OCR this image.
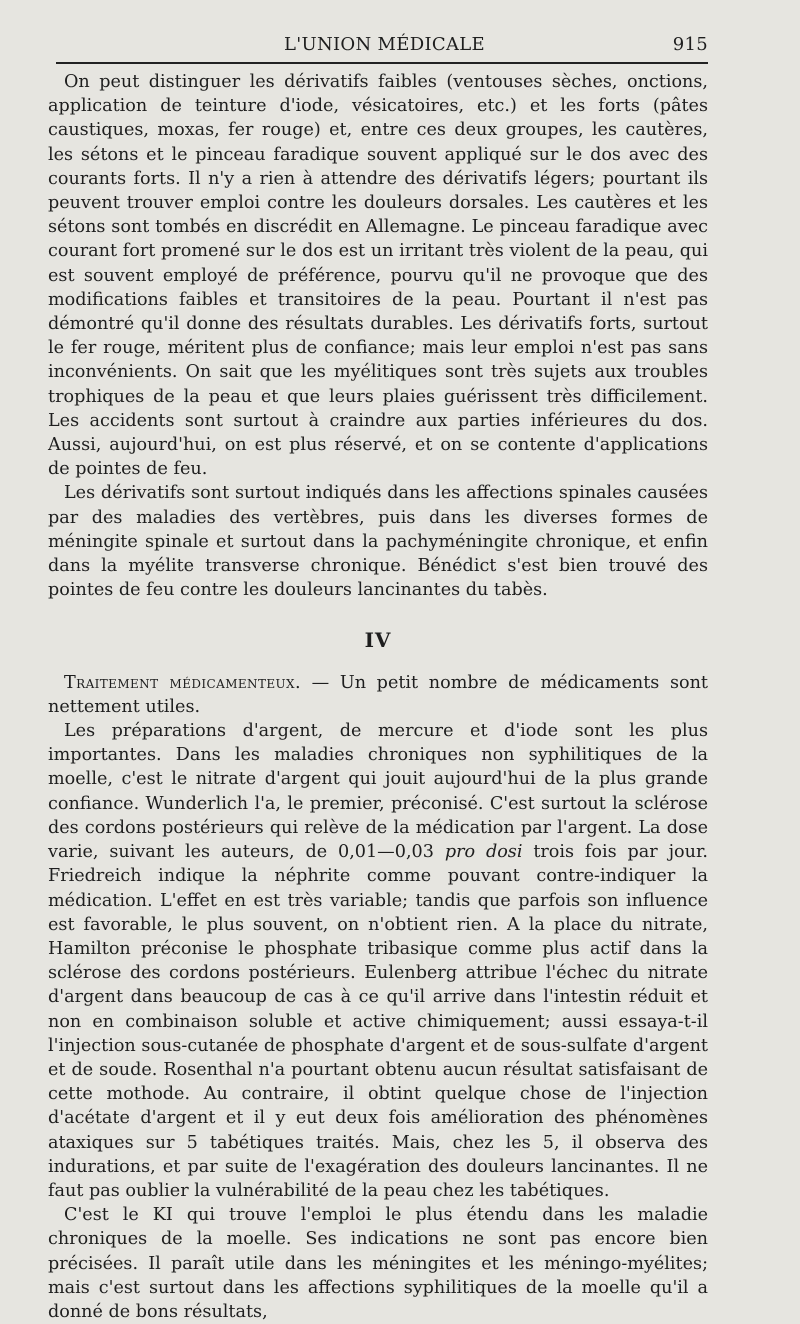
L'UNION MÉDICALE	915

On peut distinguer les dérivatifs faibles (ventouses sèches, onctions, application de teinture d'iode, vésicatoires, etc.) et les forts (pâtes caustiques, moxas, fer rouge) et, entre ces deux groupes, les cautères, les sétons et le pinceau faradique souvent appliqué sur le dos avec des courants forts. Il n'y a rien à attendre des dérivatifs légers; pourtant ils peuvent trouver emploi contre les douleurs dorsales. Les cautères et les sétons sont tombés en discrédit en Allemagne. Le pinceau faradique avec courant fort promené sur le dos est un irritant très violent de la peau, qui est souvent employé de préférence, pourvu qu'il ne provoque que des modifications faibles et transitoires de la peau. Pourtant il n'est pas démontré qu'il donne des résultats durables. Les dérivatifs forts, surtout le fer rouge, méritent plus de confiance; mais leur emploi n'est pas sans inconvénients. On sait que les myélitiques sont très sujets aux troubles trophiques de la peau et que leurs plaies guérissent très difficilement. Les accidents sont surtout à craindre aux parties inférieures du dos. Aussi, aujourd'hui, on est plus réservé, et on se contente d'applications de pointes de feu.

Les dérivatifs sont surtout indiqués dans les affections spinales causées par des maladies des vertèbres, puis dans les diverses formes de méningite spinale et surtout dans la pachyméningite chronique, et enfin dans la myélite transverse chronique. Bénédict s'est bien trouvé des pointes de feu contre les douleurs lancinantes du tabès.

IV

Traitement médicamenteux. — Un petit nombre de médicaments sont nettement utiles.

Les préparations d'argent, de mercure et d'iode sont les plus importantes. Dans les maladies chroniques non syphilitiques de la moelle, c'est le nitrate d'argent qui jouit aujourd'hui de la plus grande confiance. Wunderlich l'a, le premier, préconisé. C'est surtout la sclérose des cordons postérieurs qui relève de la médication par l'argent. La dose varie, suivant les auteurs, de 0,01—0,03 pro dosi trois fois par jour. Friedreich indique la néphrite comme pouvant contre-indiquer la médication. L'effet en est très variable; tandis que parfois son influence est favorable, le plus souvent, on n'obtient rien. A la place du nitrate, Hamilton préconise le phosphate tribasique comme plus actif dans la sclérose des cordons postérieurs. Eulenberg attribue l'échec du nitrate d'argent dans beaucoup de cas à ce qu'il arrive dans l'intestin réduit et non en combinaison soluble et active chimiquement; aussi essaya-t-il l'injection sous-cutanée de phosphate d'argent et de sous-sulfate d'argent et de soude. Rosenthal n'a pourtant obtenu aucun résultat satisfaisant de cette mothode. Au contraire, il obtint quelque chose de l'injection d'acétate d'argent et il y eut deux fois amélioration des phénomènes ataxiques sur 5 tabétiques traités. Mais, chez les 5, il observa des indurations, et par suite de l'exagération des douleurs lancinantes. Il ne faut pas oublier la vulnérabilité de la peau chez les tabétiques.

C'est le KI qui trouve l'emploi le plus étendu dans les maladie chroniques de la moelle. Ses indications ne sont pas encore bien précisées. Il paraît utile dans les méningites et les méningo-myélites; mais c'est surtout dans les affections syphilitiques de la moelle qu'il a donné de bons résultats,
